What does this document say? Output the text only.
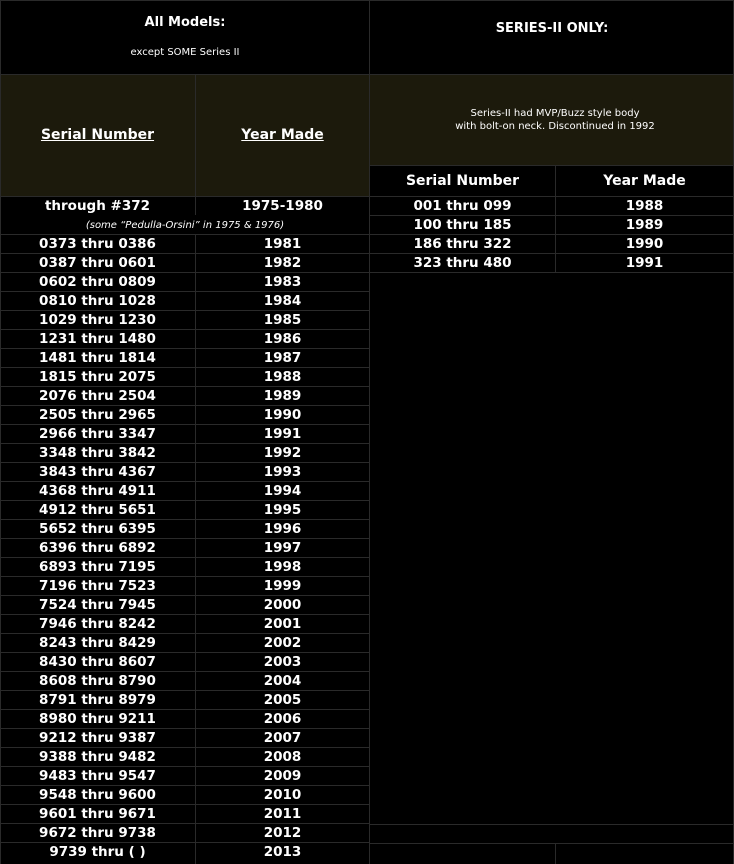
All Models:
except SOME Series II
Serial Number	Year Made
SERIES-II ONLY:
Series-II had MVP/Buzz style body
with bolt-on neck. Discontinued in 1992
Serial Number	Year Made
through #372	1975-1980
(some “Pedulla-Orsini” in 1975 & 1976)
0373 thru 0386	1981
0387 thru 0601	1982
0602 thru 0809	1983
0810 thru 1028	1984
1029 thru 1230	1985
1231 thru 1480	1986
1481 thru 1814	1987
1815 thru 2075	1988
2076 thru 2504	1989
2505 thru 2965	1990
2966 thru 3347	1991
3348 thru 3842	1992
3843 thru 4367	1993
4368 thru 4911	1994
4912 thru 5651	1995
5652 thru 6395	1996
6396 thru 6892	1997
6893 thru 7195	1998
7196 thru 7523	1999
7524 thru 7945	2000
7946 thru 8242	2001
8243 thru 8429	2002
8430 thru 8607	2003
8608 thru 8790	2004
8791 thru 8979	2005
8980 thru 9211	2006
9212 thru 9387	2007
9388 thru 9482	2008
9483 thru 9547	2009
9548 thru 9600	2010
9601 thru 9671	2011
9672 thru 9738	2012
9739 thru ( )	2013
001 thru 099	1988
100 thru 185	1989
186 thru 322	1990
323 thru 480	1991
